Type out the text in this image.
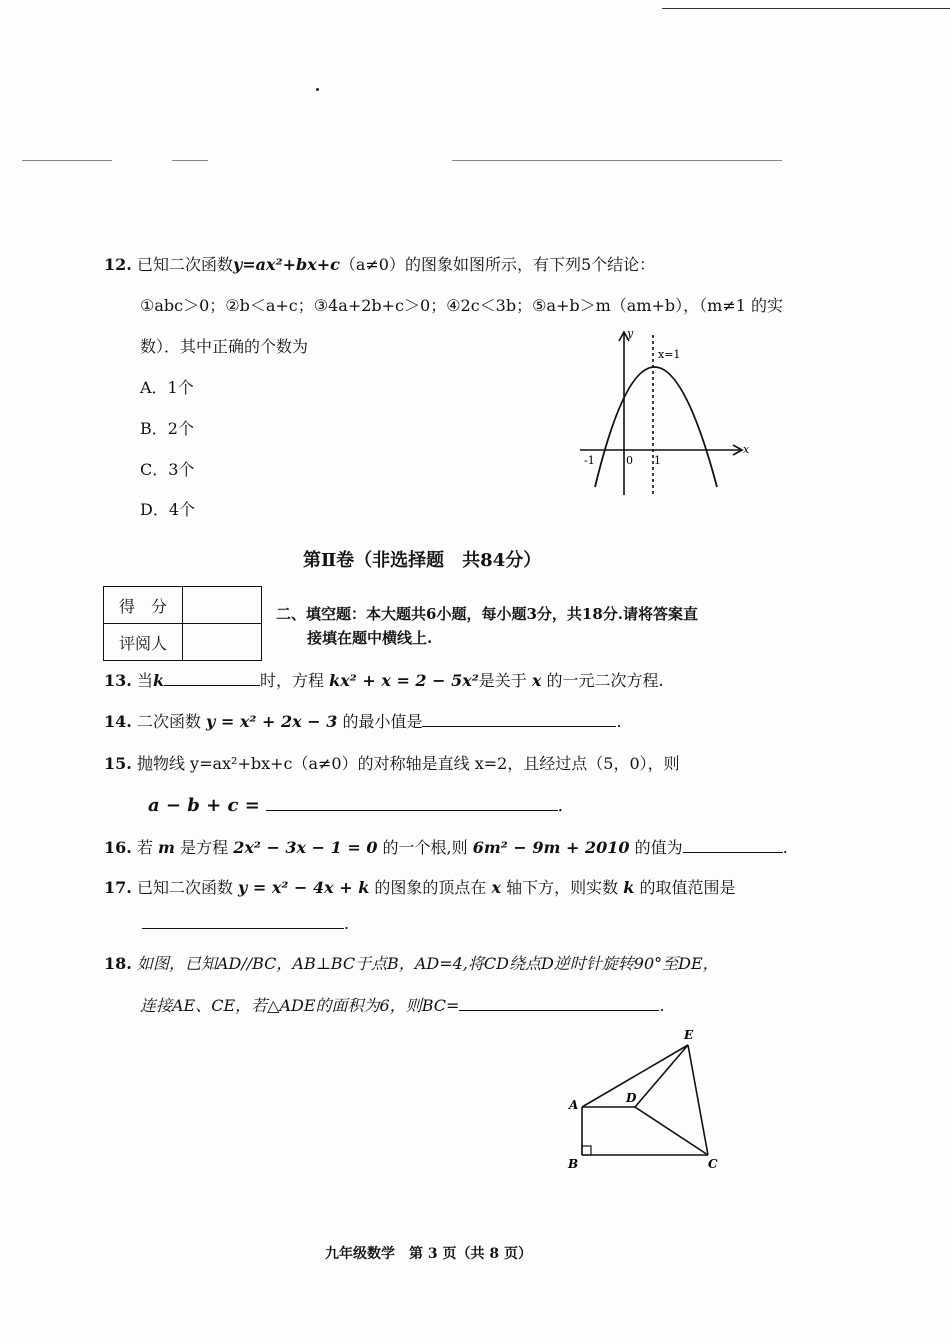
12. 已知二次函数y=ax²+bx+c（a≠0）的图象如图所示，有下列5个结论：
①abc＞0；②b＜a+c；③4a+2b+c＞0；④2c＜3b；⑤a+b＞m（am+b），（m≠1 的实
数）．其中正确的个数为
A．1个
B．2个
C．3个
D．4个
y
x
x=1
-1	0 1
第Ⅱ卷（非选择题　共84分）
得　分	
评阅人	
二、填空题：本大题共6小题，每小题3分，共18分.请将答案直
接填在题中横线上.
13. 当k	时，方程 kx² + x = 2 − 5x²是关于 x 的一元二次方程.
14. 二次函数 y = x² + 2x − 3 的最小值是	.
15. 抛物线 y=ax²+bx+c（a≠0）的对称轴是直线 x=2，且经过点（5，0），则
a − b + c =	.
16. 若 m 是方程 2x² − 3x − 1 = 0 的一个根,则 6m² − 9m + 2010 的值为	.
17. 已知二次函数 y = x² − 4x + k 的图象的顶点在 x 轴下方，则实数 k 的取值范围是
.
18. 如图，已知AD//BC，AB⊥BC于点B，AD=4,将CD绕点D逆时针旋转90°至DE，
连接AE、CE，若△ADE的面积为6，则BC=	.
A	D
B	C
E
九年级数学　第 3 页（共 8 页）
